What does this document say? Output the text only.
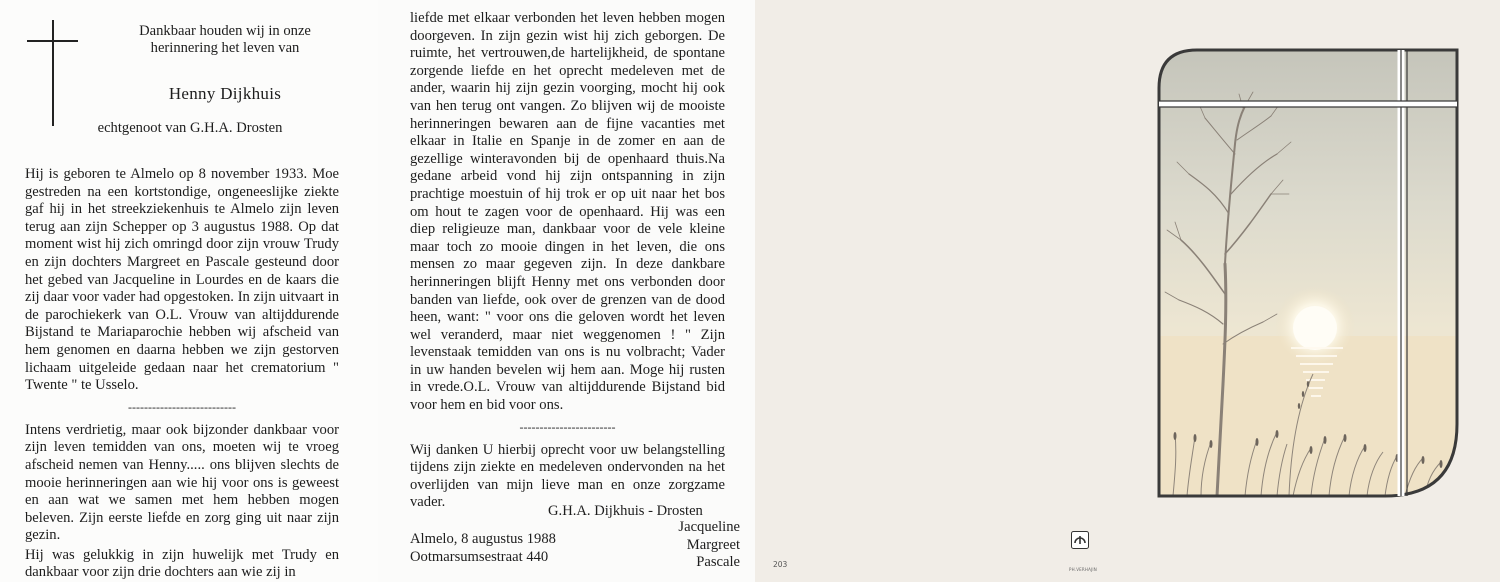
Dankbaar houden wij in onze
herinnering het leven van
Henny Dijkhuis
echtgenoot van G.H.A. Drosten
Hij is geboren te Almelo op 8 november 1933. Moe gestreden na een kortstondige, ongeneeslijke ziekte gaf hij in het streekziekenhuis te Almelo zijn leven terug aan zijn Schepper op 3 augustus 1988. Op dat moment wist hij zich omringd door zijn vrouw Trudy en zijn dochters Margreet en Pascale gesteund door het gebed van Jacqueline in Lourdes en de kaars die zij daar voor vader had opgestoken. In zijn uitvaart in de parochiekerk van O.L. Vrouw van altijddurende Bijstand te Mariaparochie hebben wij afscheid van hem genomen en daarna hebben we zijn gestorven lichaam uitgeleide gedaan naar het crematorium " Twente " te Usselo.
---------------------------
Intens verdrietig, maar ook bijzonder dankbaar voor zijn leven temidden van ons, moeten wij te vroeg afscheid nemen van Henny..... ons blijven slechts de mooie herinneringen aan wie hij voor ons is geweest en aan wat we samen met hem hebben mogen beleven. Zijn eerste liefde en zorg ging uit naar zijn gezin.
Hij was gelukkig in zijn huwelijk met Trudy en dankbaar voor zijn drie dochters aan wie zij in
liefde met elkaar verbonden het leven hebben mogen doorgeven. In zijn gezin wist hij zich geborgen. De ruimte, het vertrouwen,de hartelijkheid, de spontane zorgende liefde en het oprecht medeleven met de ander, waarin hij zijn gezin voorging, mocht hij ook van hen terug ont vangen. Zo blijven wij de mooiste herinneringen bewaren aan de fijne vacanties met elkaar in Italie en Spanje in de zomer en aan de gezellige winteravonden bij de openhaard thuis.Na gedane arbeid vond hij zijn ontspanning in zijn prachtige moestuin of hij trok er op uit naar het bos om hout te zagen voor de openhaard. Hij was een diep religieuze man, dankbaar voor de vele kleine maar toch zo mooie dingen in het leven, die ons mensen zo maar gegeven zijn. In deze dankbare herinneringen blijft Henny met ons verbonden door banden van liefde, ook over de grenzen van de dood heen, want: " voor ons die geloven wordt het leven wel veranderd, maar niet weggenomen ! " Zijn levenstaak temidden van ons is nu volbracht; Vader in uw handen bevelen wij hem aan. Moge hij rusten in vrede.O.L. Vrouw van altijddurende Bijstand bid voor hem en bid voor ons.
------------------------
Wij danken U hierbij oprecht voor uw belangstelling tijdens zijn ziekte en medeleven ondervonden na het overlijden van mijn lieve man en onze zorgzame vader.
G.H.A. Dijkhuis - Drosten
Jacqueline
Margreet
Pascale
Almelo, 8 augustus 1988
Ootmarsumsestraat 440
PH.VERHAJIN
203
